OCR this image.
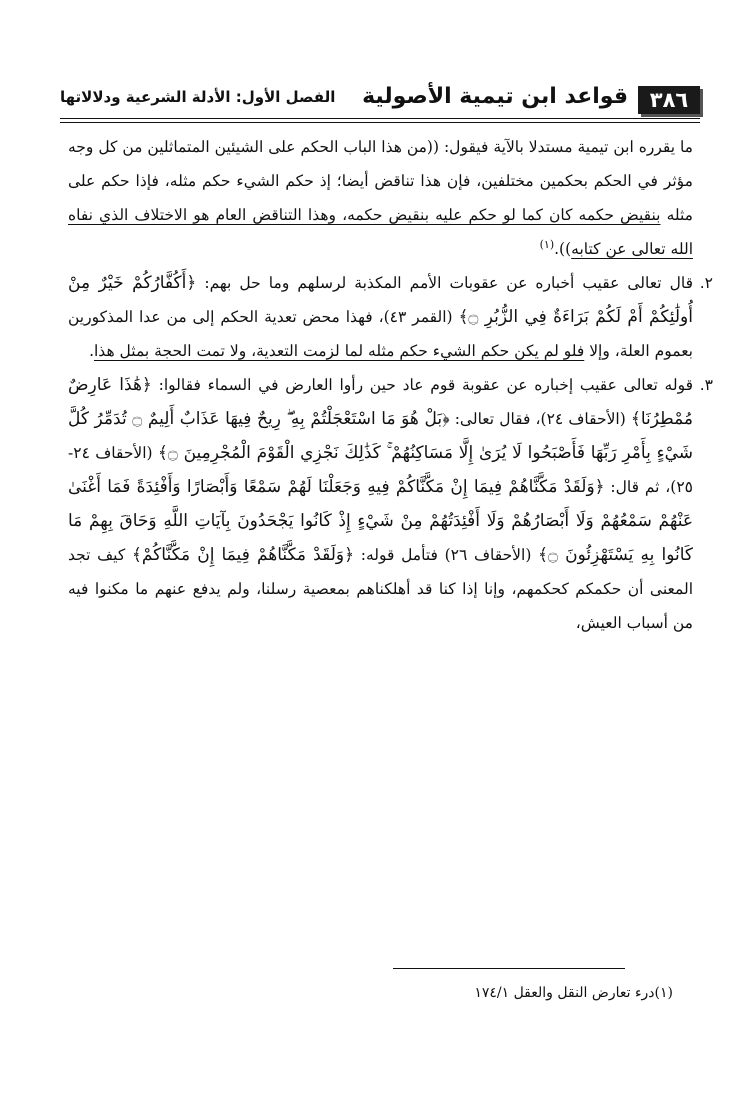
٣٨٦
قواعد ابن تيمية الأصولية
الفصل الأول: الأدلة الشرعية ودلالاتها

ما يقرره ابن تيمية مستدلا بالآية فيقول: ((من هذا الباب الحكم على الشيئين المتماثلين من كل وجه مؤثر في الحكم بحكمين مختلفين، فإن هذا تناقض أيضا؛ إذ حكم الشيء حكم مثله، فإذا حكم على مثله بنقيض حكمه كان كما لو حكم عليه بنقيض حكمه، وهذا التناقض العام هو الاختلاف الذي نفاه الله تعالى عن كتابه)).$^{(١)}$

٢.

قال تعالى عقيب أخباره عن عقوبات الأمم المكذبة لرسلهم وما حل بهم: ﴿أَكُفَّارُكُمْ خَيْرٌ مِنْ أُولَٰئِكُمْ أَمْ لَكُمْ بَرَاءَةٌ فِي الزُّبُرِ ۝﴾ (القمر ٤٣)، فهذا محض تعدية الحكم إلى من عدا المذكورين بعموم العلة، وإلا فلو لم يكن حكم الشيء حكم مثله لما لزمت التعدية، ولا تمت الحجة بمثل هذا.

٣.

قوله تعالى عقيب إخباره عن عقوبة قوم عاد حين رأوا العارض في السماء فقالوا: ﴿هَٰذَا عَارِضٌ مُمْطِرُنَا﴾ (الأحقاف ٢٤)، فقال تعالى: ﴿بَلْ هُوَ مَا اسْتَعْجَلْتُمْ بِهِ ۖ رِيحٌ فِيهَا عَذَابٌ أَلِيمٌ ۝ تُدَمِّرُ كُلَّ شَيْءٍ بِأَمْرِ رَبِّهَا فَأَصْبَحُوا لَا يُرَىٰ إِلَّا مَسَاكِنُهُمْ ۚ كَذَٰلِكَ نَجْزِي الْقَوْمَ الْمُجْرِمِينَ ۝﴾ (الأحقاف ٢٤- ٢٥)، ثم قال: ﴿وَلَقَدْ مَكَّنَّاهُمْ فِيمَا إِنْ مَكَّنَّاكُمْ فِيهِ وَجَعَلْنَا لَهُمْ سَمْعًا وَأَبْصَارًا وَأَفْئِدَةً فَمَا أَغْنَىٰ عَنْهُمْ سَمْعُهُمْ وَلَا أَبْصَارُهُمْ وَلَا أَفْئِدَتُهُمْ مِنْ شَيْءٍ إِذْ كَانُوا يَجْحَدُونَ بِآيَاتِ اللَّهِ وَحَاقَ بِهِمْ مَا كَانُوا بِهِ يَسْتَهْزِئُونَ ۝﴾ (الأحقاف ٢٦) فتأمل قوله: ﴿وَلَقَدْ مَكَّنَّاهُمْ فِيمَا إِنْ مَكَّنَّاكُمْ﴾ كيف تجد المعنى أن حكمكم كحكمهم، وإنا إذا كنا قد أهلكناهم بمعصية رسلنا، ولم يدفع عنهم ما مكنوا فيه من أسباب العيش،

(١)درء تعارض النقل والعقل ١٧٤/١
